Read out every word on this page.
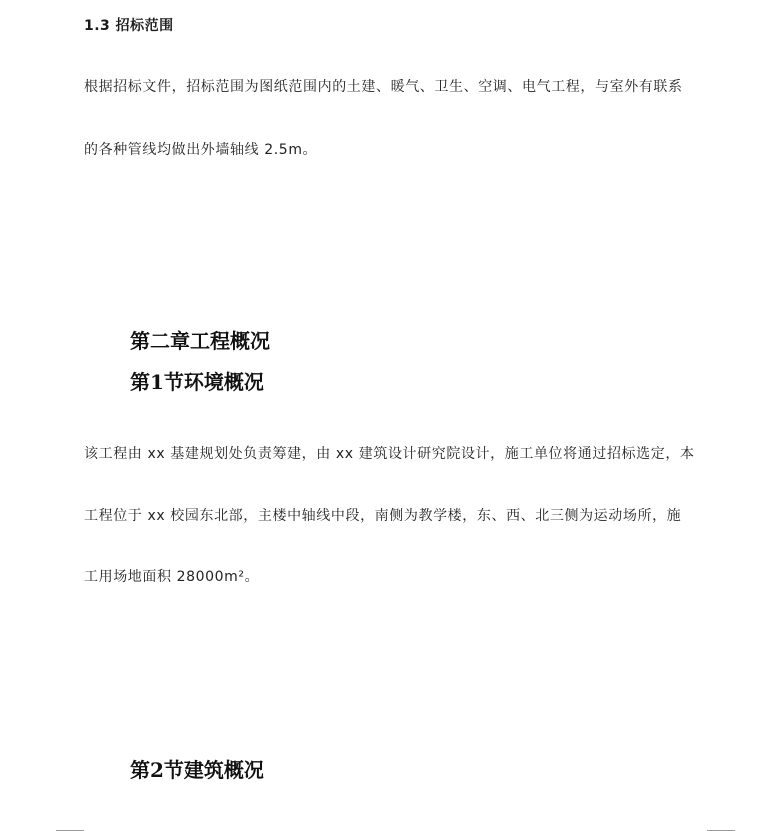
1.3 招标范围
根据招标文件，招标范围为图纸范围内的土建、暖气、卫生、空调、电气工程，与室外有联系
的各种管线均做出外墙轴线 2.5m。
第二章工程概况
第1节环境概况
该工程由 xx 基建规划处负责筹建，由 xx 建筑设计研究院设计，施工单位将通过招标选定，本
工程位于 xx 校园东北部，主楼中轴线中段，南侧为教学楼，东、西、北三侧为运动场所，施
工用场地面积 28000m²。
第2节建筑概况
